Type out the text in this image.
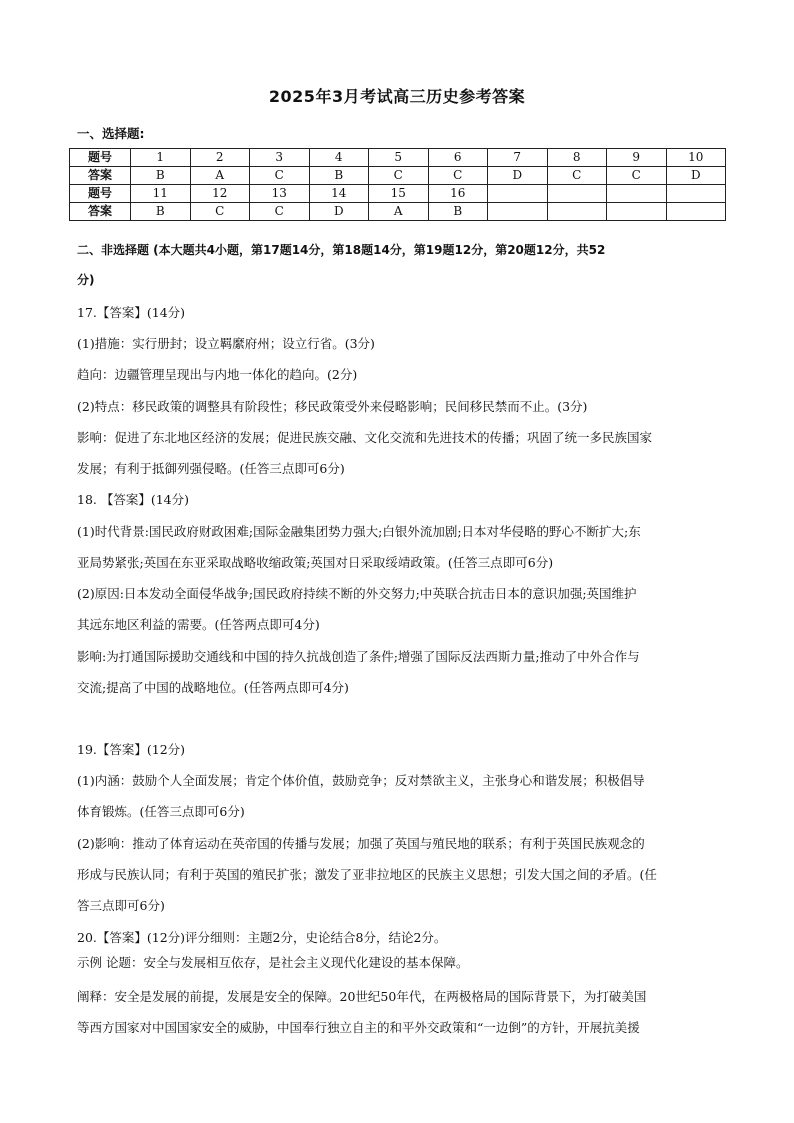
2025年3月考试高三历史参考答案
一、选择题:
题号	1	2	3	4	5	6	7	8	9	10
答案	B	A	C	B	C	C	D	C	C	D
题号	11	12	13	14	15	16				
答案	B	C	C	D	A	B				
二、非选择题 (本大题共4小题，第17题14分，第18题14分，第19题12分，第20题12分，共52
分)
17.【答案】(14分)
(1)措施：实行册封；设立羁縻府州；设立行省。(3分)
趋向：边疆管理呈现出与内地一体化的趋向。(2分)
(2)特点：移民政策的调整具有阶段性；移民政策受外来侵略影响；民间移民禁而不止。(3分)
影响：促进了东北地区经济的发展；促进民族交融、文化交流和先进技术的传播；巩固了统一多民族国家
发展；有利于抵御列强侵略。(任答三点即可6分)
18. 【答案】(14分)
(1)时代背景:国民政府财政困难;国际金融集团势力强大;白银外流加剧;日本对华侵略的野心不断扩大;东
亚局势紧张;英国在东亚采取战略收缩政策;英国对日采取绥靖政策。(任答三点即可6分)
(2)原因:日本发动全面侵华战争;国民政府持续不断的外交努力;中英联合抗击日本的意识加强;英国维护
其远东地区利益的需要。(任答两点即可4分)
影响:为打通国际援助交通线和中国的持久抗战创造了条件;增强了国际反法西斯力量;推动了中外合作与
交流;提高了中国的战略地位。(任答两点即可4分)
19.【答案】(12分)
(1)内涵：鼓励个人全面发展；肯定个体价值，鼓励竞争；反对禁欲主义，主张身心和谐发展；积极倡导
体育锻炼。(任答三点即可6分)
(2)影响：推动了体育运动在英帝国的传播与发展；加强了英国与殖民地的联系；有利于英国民族观念的
形成与民族认同；有利于英国的殖民扩张；激发了亚非拉地区的民族主义思想；引发大国之间的矛盾。(任
答三点即可6分)
20.【答案】(12分)评分细则：主题2分，史论结合8分，结论2分。
示例 论题：安全与发展相互依存，是社会主义现代化建设的基本保障。
阐释：安全是发展的前提，发展是安全的保障。20世纪50年代，在两极格局的国际背景下，为打破美国
等西方国家对中国国家安全的威胁，中国奉行独立自主的和平外交政策和“一边倒”的方针，开展抗美援
